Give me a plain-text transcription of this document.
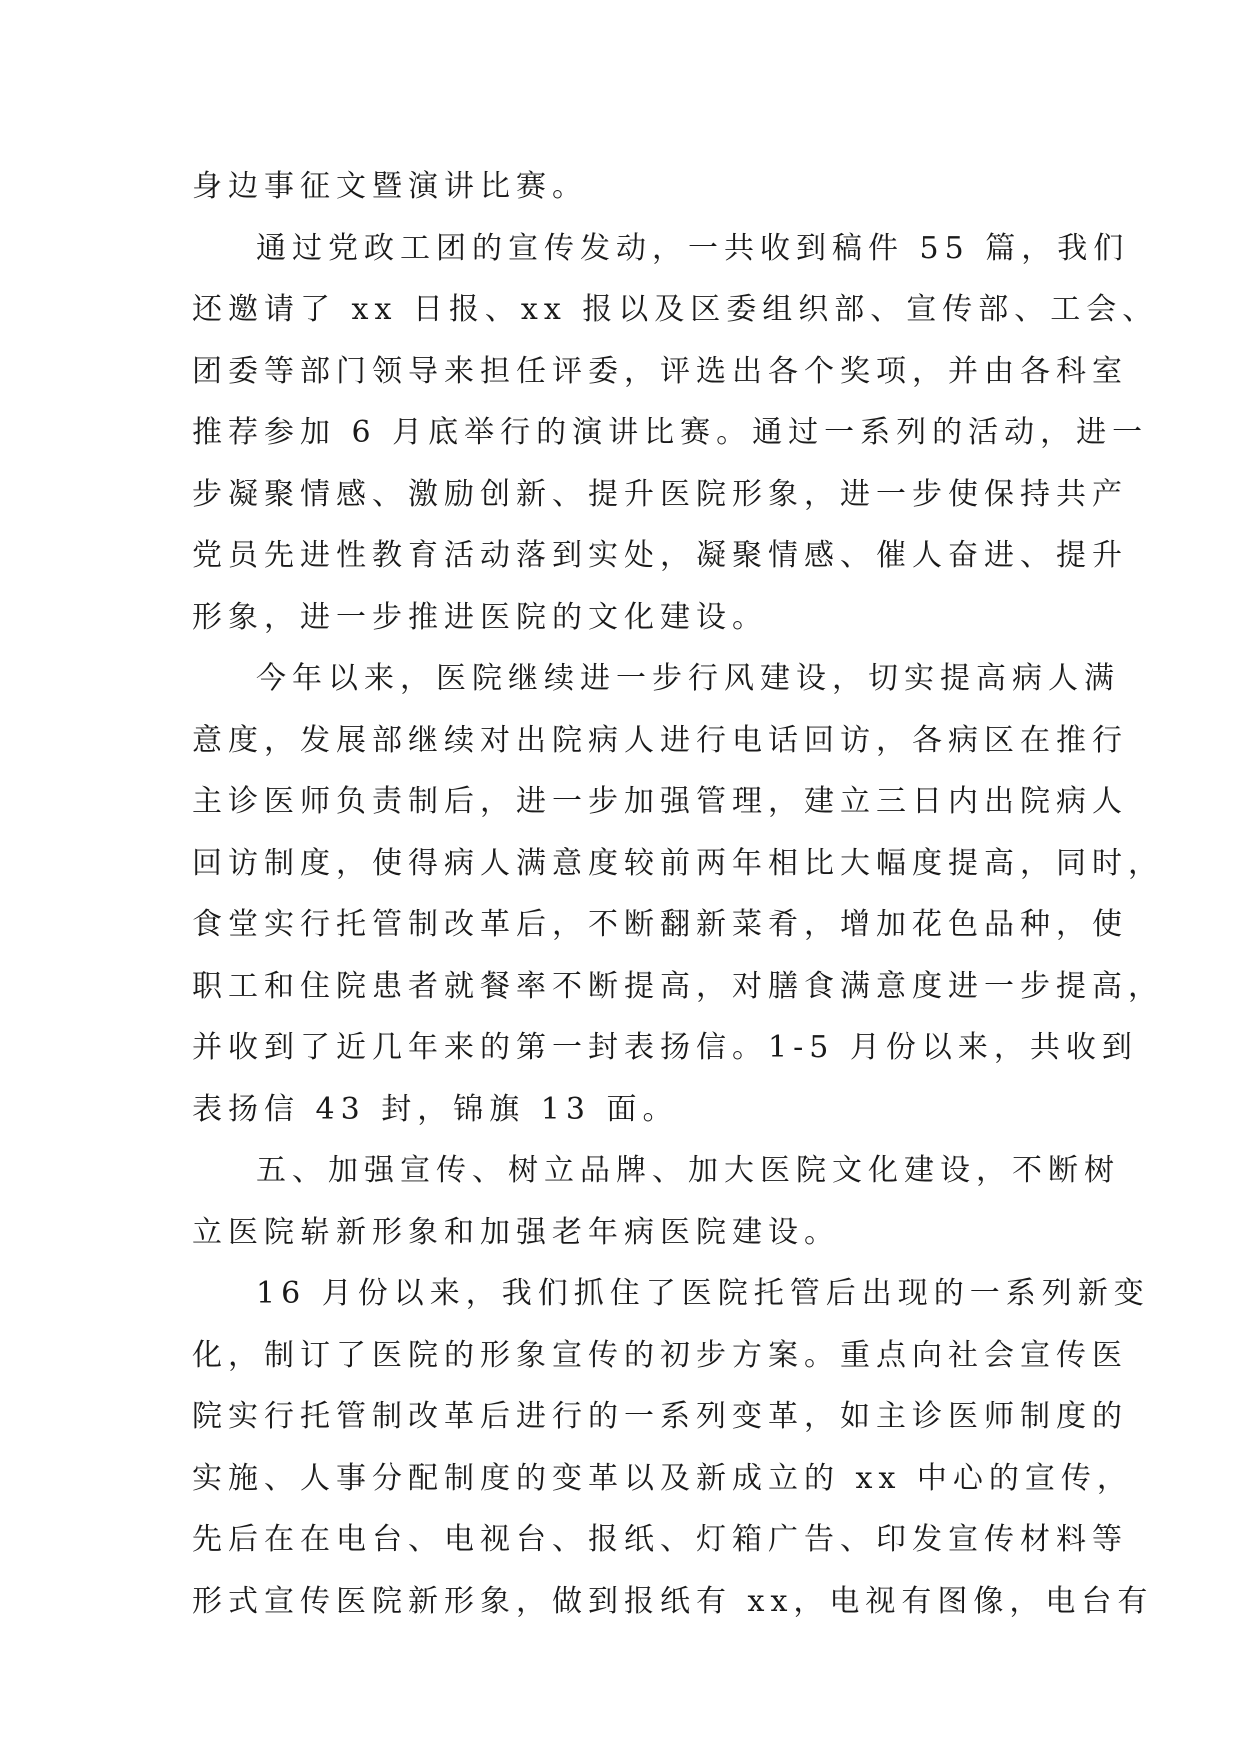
身边事征文暨演讲比赛。
通过党政工团的宣传发动，一共收到稿件 55 篇，我们
还邀请了 xx 日报、xx 报以及区委组织部、宣传部、工会、
团委等部门领导来担任评委，评选出各个奖项，并由各科室
推荐参加 6 月底举行的演讲比赛。通过一系列的活动，进一
步凝聚情感、激励创新、提升医院形象，进一步使保持共产
党员先进性教育活动落到实处，凝聚情感、催人奋进、提升
形象，进一步推进医院的文化建设。
今年以来，医院继续进一步行风建设，切实提高病人满
意度，发展部继续对出院病人进行电话回访，各病区在推行
主诊医师负责制后，进一步加强管理，建立三日内出院病人
回访制度，使得病人满意度较前两年相比大幅度提高，同时，
食堂实行托管制改革后，不断翻新菜肴，增加花色品种，使
职工和住院患者就餐率不断提高，对膳食满意度进一步提高，
并收到了近几年来的第一封表扬信。1-5 月份以来，共收到
表扬信 43 封，锦旗 13 面。
五、加强宣传、树立品牌、加大医院文化建设，不断树
立医院崭新形象和加强老年病医院建设。
16 月份以来，我们抓住了医院托管后出现的一系列新变
化，制订了医院的形象宣传的初步方案。重点向社会宣传医
院实行托管制改革后进行的一系列变革，如主诊医师制度的
实施、人事分配制度的变革以及新成立的 xx 中心的宣传，
先后在在电台、电视台、报纸、灯箱广告、印发宣传材料等
形式宣传医院新形象，做到报纸有 xx，电视有图像，电台有
